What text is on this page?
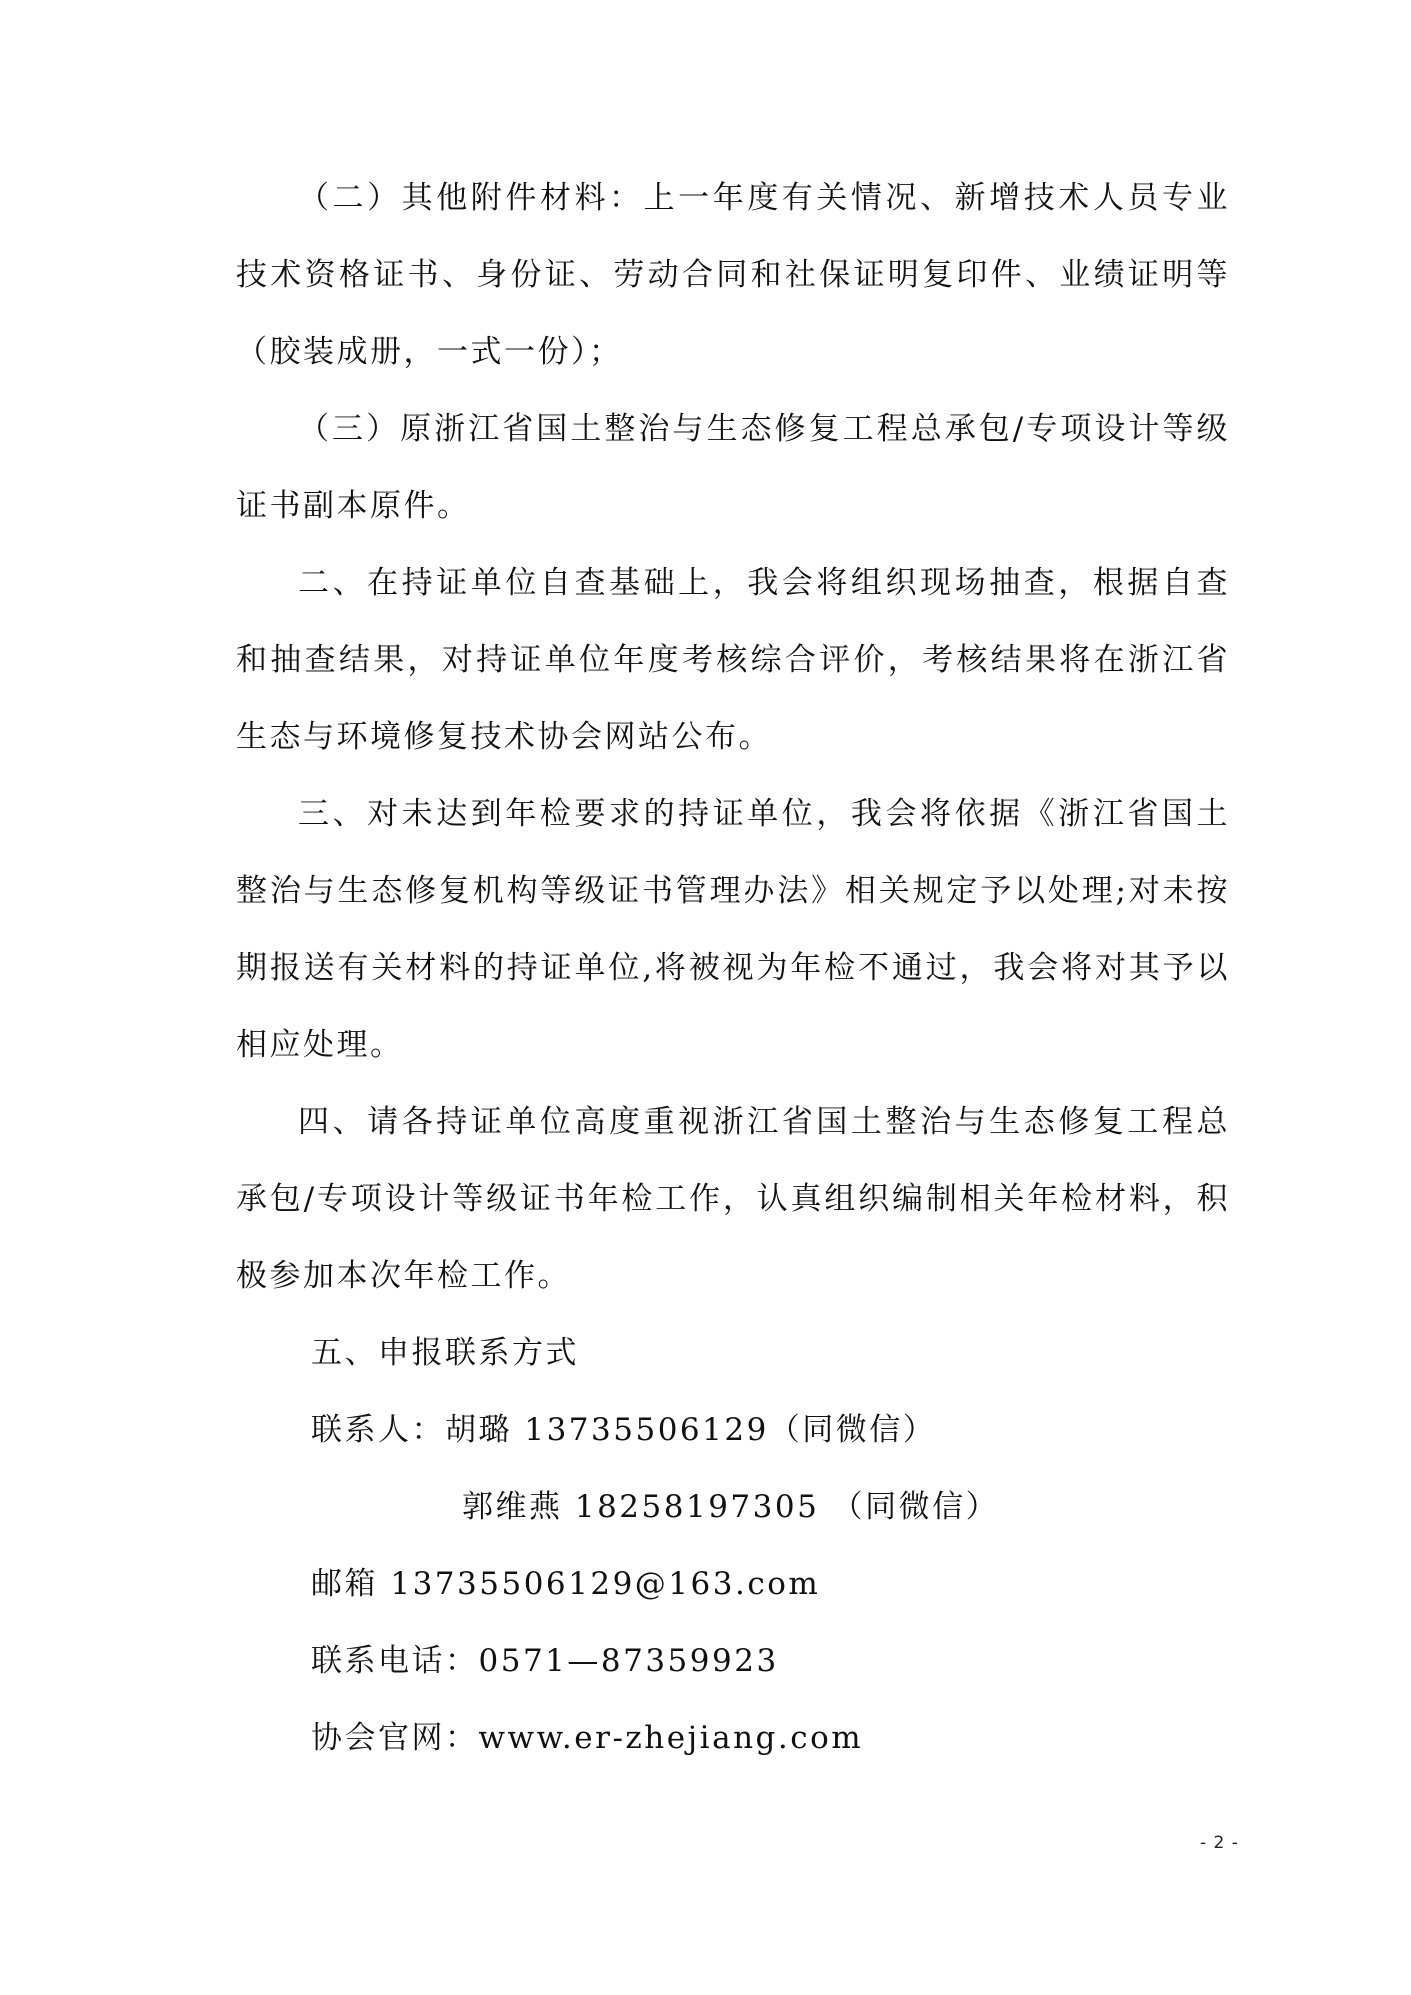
（二）其他附件材料：上一年度有关情况、新增技术人员专业技术资格证书、身份证、劳动合同和社保证明复印件、业绩证明等（胶装成册，一式一份）；

（三）原浙江省国土整治与生态修复工程总承包/专项设计等级证书副本原件。

二、在持证单位自查基础上，我会将组织现场抽查，根据自查和抽查结果，对持证单位年度考核综合评价，考核结果将在浙江省生态与环境修复技术协会网站公布。

三、对未达到年检要求的持证单位，我会将依据《浙江省国土整治与生态修复机构等级证书管理办法》相关规定予以处理;对未按期报送有关材料的持证单位,将被视为年检不通过，我会将对其予以相应处理。

四、请各持证单位高度重视浙江省国土整治与生态修复工程总承包/专项设计等级证书年检工作，认真组织编制相关年检材料，积极参加本次年检工作。

五、申报联系方式

联系人：胡璐 13735506129（同微信）

郭维燕 18258197305 （同微信）

邮箱 13735506129@163.com

联系电话：0571—87359923

协会官网：www.er-zhejiang.com

- 2 -
